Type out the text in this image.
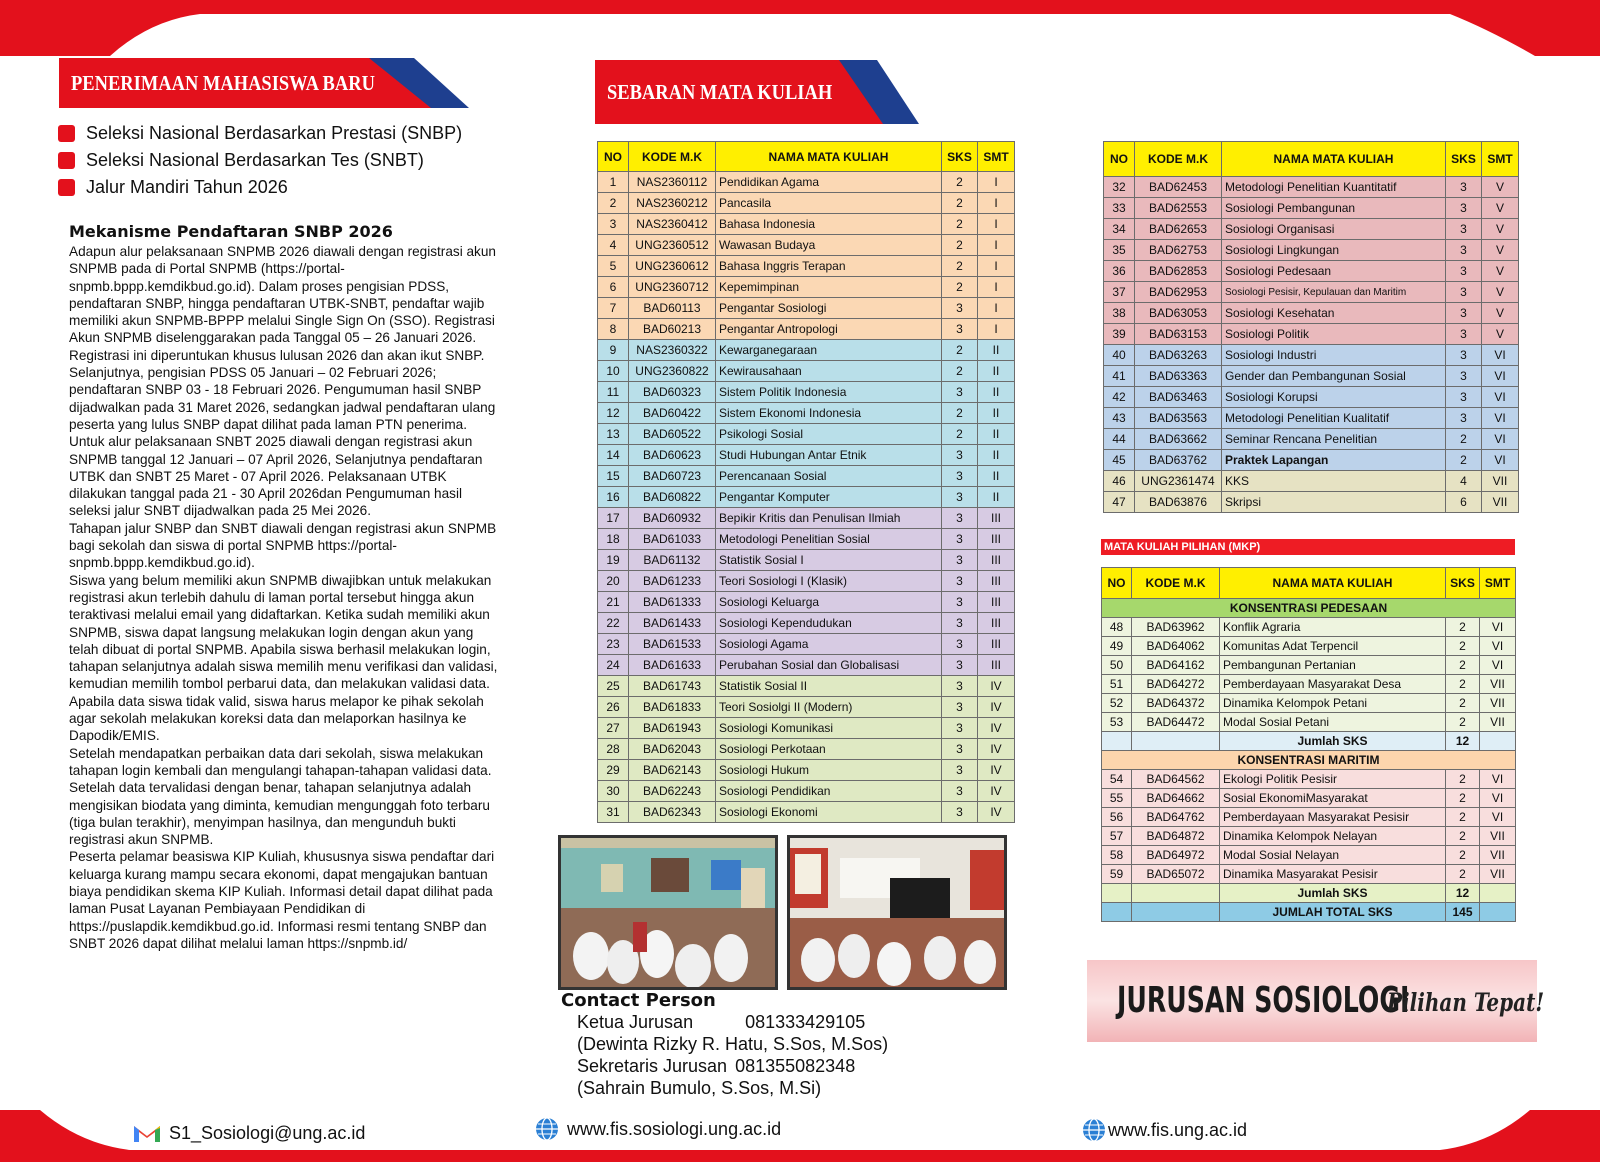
PENERIMAAN MAHASISWA BARU	SEBARAN MATA KULIAH
Seleksi Nasional Berdasarkan Prestasi (SNBP)
Seleksi Nasional Berdasarkan Tes (SNBT)
Jalur Mandiri Tahun 2026
Mekanisme Pendaftaran SNBP 2026

Adapun alur pelaksanaan SNPMB 2026 diawali dengan registrasi akun SNPMB pada di Portal SNPMB (https://portal-snpmb.bppp.kemdikbud.go.id). Dalam proses pengisian PDSS, pendaftaran SNBP, hingga pendaftaran UTBK-SNBT, pendaftar wajib memiliki akun SNPMB-BPPP melalui Single Sign On (SSO). Registrasi Akun SNPMB diselenggarakan pada Tanggal 05 – 26 Januari 2026. Registrasi ini diperuntukan khusus lulusan 2026 dan akan ikut SNBP. Selanjutnya, pengisian PDSS 05 Januari – 02 Februari 2026; pendaftaran SNBP 03 - 18 Februari 2026. Pengumuman hasil SNBP dijadwalkan pada 31 Maret 2026, sedangkan jadwal pendaftaran ulang peserta yang lulus SNBP dapat dilihat pada laman PTN penerima.

Untuk alur pelaksanaan SNBT 2025 diawali dengan registrasi akun SNPMB tanggal 12 Januari – 07 April 2026, Selanjutnya pendaftaran UTBK dan SNBT 25 Maret - 07 April 2026. Pelaksanaan UTBK dilakukan tanggal pada 21 - 30 April 2026dan Pengumuman hasil seleksi jalur SNBT dijadwalkan pada 25 Mei 2026.

Tahapan jalur SNBP dan SNBT diawali dengan registrasi akun SNPMB bagi sekolah dan siswa di portal SNPMB https://portal-snpmb.bppp.kemdikbud.go.id).

Siswa yang belum memiliki akun SNPMB diwajibkan untuk melakukan registrasi akun terlebih dahulu di laman portal tersebut hingga akun teraktivasi melalui email yang didaftarkan. Ketika sudah memiliki akun SNPMB, siswa dapat langsung melakukan login dengan akun yang telah dibuat di portal SNPMB. Apabila siswa berhasil melakukan login, tahapan selanjutnya adalah siswa memilih menu verifikasi dan validasi, kemudian memilih tombol perbarui data, dan melakukan validasi data. Apabila data siswa tidak valid, siswa harus melapor ke pihak sekolah agar sekolah melakukan koreksi data dan melaporkan hasilnya ke Dapodik/EMIS.

Setelah mendapatkan perbaikan data dari sekolah, siswa melakukan tahapan login kembali dan mengulangi tahapan-tahapan validasi data. Setelah data tervalidasi dengan benar, tahapan selanjutnya adalah mengisikan biodata yang diminta, kemudian mengunggah foto terbaru (tiga bulan terakhir), menyimpan hasilnya, dan mengunduh bukti registrasi akun SNPMB.

Peserta pelamar beasiswa KIP Kuliah, khususnya siswa pendaftar dari keluarga kurang mampu secara ekonomi, dapat mengajukan bantuan biaya pendidikan skema KIP Kuliah. Informasi detail dapat dilihat pada laman Pusat Layanan Pembiayaan Pendidikan di https://puslapdik.kemdikbud.go.id. Informasi resmi tentang SNBP dan SNBT 2026 dapat dilihat melalui laman https://snpmb.id/

NO	KODE M.K	NAMA MATA KULIAH	SKS	SMT
1	NAS2360112	Pendidikan Agama	2	I
2	NAS2360212	Pancasila	2	I
3	NAS2360412	Bahasa Indonesia	2	I
4	UNG2360512	Wawasan Budaya	2	I
5	UNG2360612	Bahasa Inggris Terapan	2	I
6	UNG2360712	Kepemimpinan	2	I
7	BAD60113	Pengantar Sosiologi	3	I
8	BAD60213	Pengantar Antropologi	3	I
9	NAS2360322	Kewarganegaraan	2	II
10	UNG2360822	Kewirausahaan	2	II
11	BAD60323	Sistem Politik Indonesia	3	II
12	BAD60422	Sistem Ekonomi Indonesia	2	II
13	BAD60522	Psikologi Sosial	2	II
14	BAD60623	Studi Hubungan Antar Etnik	3	II
15	BAD60723	Perencanaan Sosial	3	II
16	BAD60822	Pengantar Komputer	3	II
17	BAD60932	Bepikir Kritis dan Penulisan Ilmiah	3	III
18	BAD61033	Metodologi Penelitian Sosial	3	III
19	BAD61132	Statistik Sosial I	3	III
20	BAD61233	Teori Sosiologi I (Klasik)	3	III
21	BAD61333	Sosiologi Keluarga	3	III
22	BAD61433	Sosiologi Kependudukan	3	III
23	BAD61533	Sosiologi Agama	3	III
24	BAD61633	Perubahan Sosial dan Globalisasi	3	III
25	BAD61743	Statistik Sosial II	3	IV
26	BAD61833	Teori Sosiolgi II (Modern)	3	IV
27	BAD61943	Sosiologi Komunikasi	3	IV
28	BAD62043	Sosiologi Perkotaan	3	IV
29	BAD62143	Sosiologi Hukum	3	IV
30	BAD62243	Sosiologi Pendidikan	3	IV
31	BAD62343	Sosiologi Ekonomi	3	IV
NO	KODE M.K	NAMA MATA KULIAH	SKS	SMT
32	BAD62453	Metodologi Penelitian Kuantitatif	3	V
33	BAD62553	Sosiologi Pembangunan	3	V
34	BAD62653	Sosiologi Organisasi	3	V
35	BAD62753	Sosiologi Lingkungan	3	V
36	BAD62853	Sosiologi Pedesaan	3	V
37	BAD62953	Sosiologi Pesisir, Kepulauan dan Maritim	3	V
38	BAD63053	Sosiologi Kesehatan	3	V
39	BAD63153	Sosiologi Politik	3	V
40	BAD63263	Sosiologi Industri	3	VI
41	BAD63363	Gender dan Pembangunan Sosial	3	VI
42	BAD63463	Sosiologi Korupsi	3	VI
43	BAD63563	Metodologi Penelitian Kualitatif	3	VI
44	BAD63662	Seminar Rencana Penelitian	2	VI
45	BAD63762	Praktek Lapangan	2	VI
46	UNG2361474	KKS	4	VII
47	BAD63876	Skripsi	6	VII
MATA KULIAH PILIHAN (MKP)
NO	KODE M.K	NAMA MATA KULIAH	SKS	SMT
KONSENTRASI PEDESAAN				
48	BAD63962	Konflik Agraria	2	VI
49	BAD64062	Komunitas Adat Terpencil	2	VI
50	BAD64162	Pembangunan Pertanian	2	VI
51	BAD64272	Pemberdayaan Masyarakat Desa	2	VII
52	BAD64372	Dinamika Kelompok Petani	2	VII
53	BAD64472	Modal Sosial Petani	2	VII
		Jumlah SKS	12	
KONSENTRASI MARITIM				
54	BAD64562	Ekologi Politik Pesisir	2	VI
55	BAD64662	Sosial EkonomiMasyarakat	2	VI
56	BAD64762	Pemberdayaan Masyarakat Pesisir	2	VI
57	BAD64872	Dinamika Kelompok Nelayan	2	VII
58	BAD64972	Modal Sosial Nelayan	2	VII
59	BAD65072	Dinamika Masyarakat Pesisir	2	VII
		Jumlah SKS	12	
		JUMLAH TOTAL SKS	145	
Contact Person
Ketua Jurusan	081333429105
(Dewinta Rizky R. Hatu, S.Sos, M.Sos)
Sekretaris Jurusan 081355082348
(Sahrain Bumulo, S.Sos, M.Si)
JURUSAN SOSIOLOGI
Pilihan Tepat!
S1_Sosiologi@ung.ac.id	www.fis.sosiologi.ung.ac.id	www.fis.ung.ac.id
